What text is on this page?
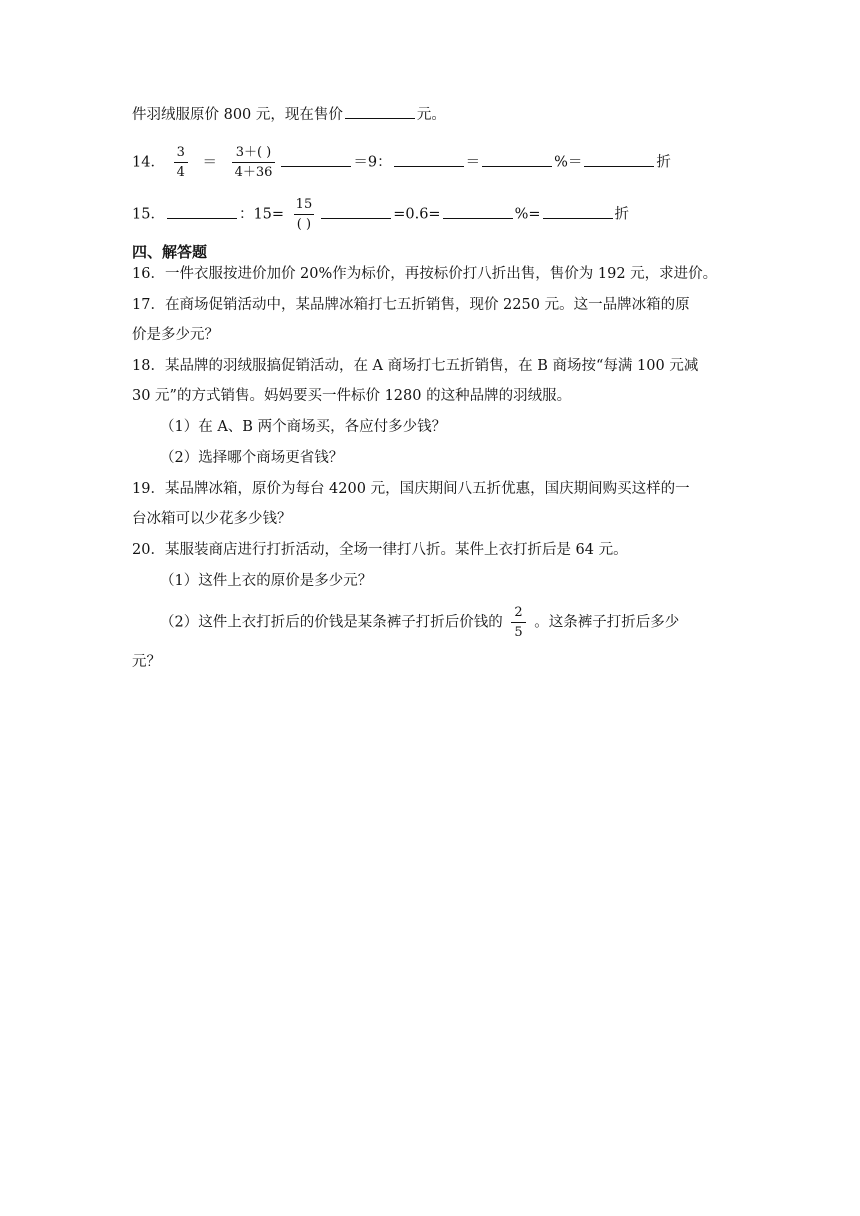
件羽绒服原价 800 元，现在售价	元。
14． $\frac{3}{4} = \frac{3+( )}{4+36}$	＝9：	＝	%＝	折
15．	：$15= \frac{15}{( )}$	=0.6=	%=	折
四、解答题
16．一件衣服按进价加价 20%作为标价，再按标价打八折出售，售价为 192 元，求进价。
17．在商场促销活动中，某品牌冰箱打七五折销售，现价 2250 元。这一品牌冰箱的原
价是多少元？
18．某品牌的羽绒服搞促销活动，在 A 商场打七五折销售，在 B 商场按“每满 100 元减
30 元”的方式销售。妈妈要买一件标价 1280 的这种品牌的羽绒服。
（1）在 A、B 两个商场买，各应付多少钱？
（2）选择哪个商场更省钱？
19．某品牌冰箱，原价为每台 4200 元，国庆期间八五折优惠，国庆期间购买这样的一
台冰箱可以少花多少钱？
20．某服装商店进行打折活动，全场一律打八折。某件上衣打折后是 64 元。
（1）这件上衣的原价是多少元？
（2）这件上衣打折后的价钱是某条裤子打折后价钱的 $\frac{2}{5}$ 。这条裤子打折后多少
元？
